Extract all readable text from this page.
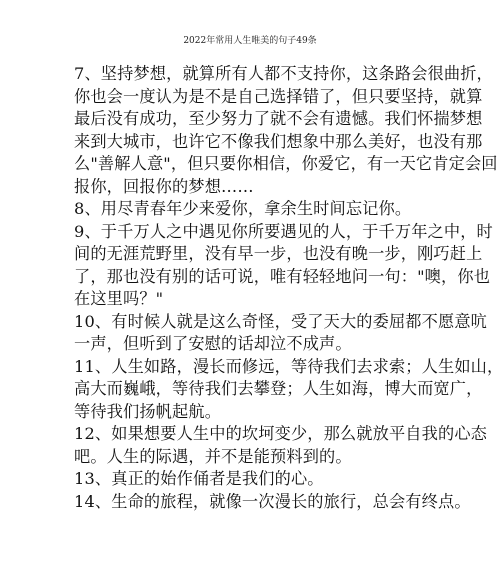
2022年常用人生唯美的句子49条
7、坚持梦想，就算所有人都不支持你，这条路会很曲折，
你也会一度认为是不是自己选择错了，但只要坚持，就算
最后没有成功，至少努力了就不会有遗憾。我们怀揣梦想
来到大城市，也许它不像我们想象中那么美好，也没有那
么"善解人意"，但只要你相信，你爱它，有一天它肯定会回
报你，回报你的梦想……
8、用尽青春年少来爱你，拿余生时间忘记你。
9、于千万人之中遇见你所要遇见的人，于千万年之中，时
间的无涯荒野里，没有早一步，也没有晚一步，刚巧赶上
了，那也没有别的话可说，唯有轻轻地问一句："噢，你也
在这里吗？"
10、有时候人就是这么奇怪，受了天大的委屈都不愿意吭
一声，但听到了安慰的话却泣不成声。
11、人生如路，漫长而修远，等待我们去求索；人生如山，
高大而巍峨，等待我们去攀登；人生如海，博大而宽广，
等待我们扬帆起航。
12、如果想要人生中的坎坷变少，那么就放平自我的心态
吧。人生的际遇，并不是能预料到的。
13、真正的始作俑者是我们的心。
14、生命的旅程，就像一次漫长的旅行，总会有终点。
